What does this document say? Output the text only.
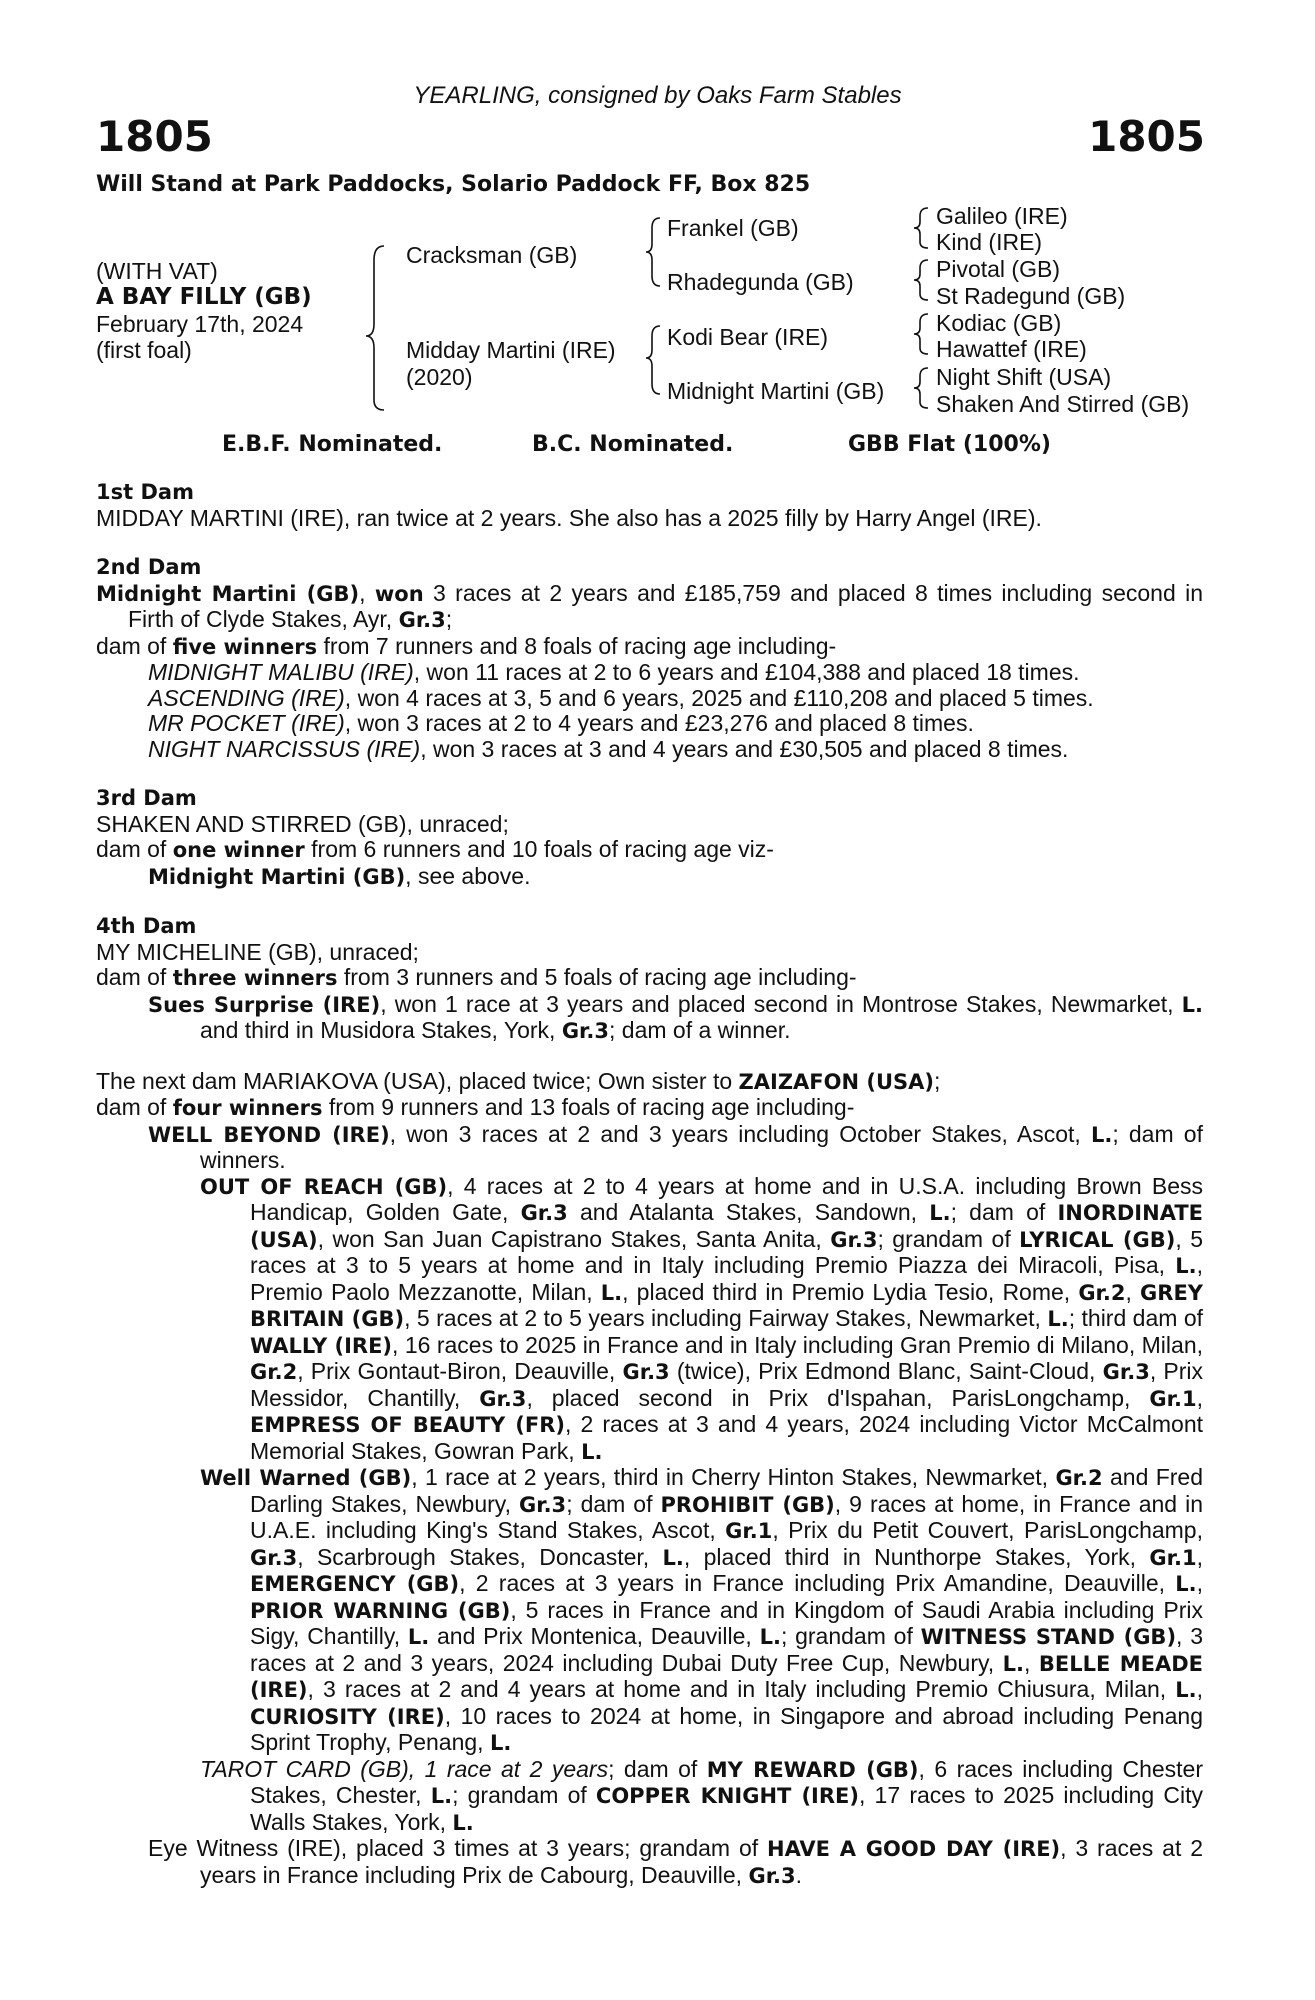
YEARLING, consigned by Oaks Farm Stables
1805	1805
Will Stand at Park Paddocks, Solario Paddock FF, Box 825
(WITH VAT)
A BAY FILLY (GB)
February 17th, 2024
(first foal)
Cracksman (GB)
Midday Martini (IRE)
(2020)
Frankel (GB)
Rhadegunda (GB)
Kodi Bear (IRE)
Midnight Martini (GB)
Galileo (IRE)
Kind (IRE)
Pivotal (GB)
St Radegund (GB)
Kodiac (GB)
Hawattef (IRE)
Night Shift (USA)
Shaken And Stirred (GB)
E.B.F. Nominated.	B.C. Nominated.	GBB Flat (100%)
1st Dam
MIDDAY MARTINI (IRE), ran twice at 2 years. She also has a 2025 filly by Harry Angel (IRE).
2nd Dam
Midnight Martini (GB), won 3 races at 2 years and £185,759 and placed 8 times including second in Firth of Clyde Stakes, Ayr, Gr.3;
dam of five winners from 7 runners and 8 foals of racing age including-
MIDNIGHT MALIBU (IRE), won 11 races at 2 to 6 years and £104,388 and placed 18 times.
ASCENDING (IRE), won 4 races at 3, 5 and 6 years, 2025 and £110,208 and placed 5 times.
MR POCKET (IRE), won 3 races at 2 to 4 years and £23,276 and placed 8 times.
NIGHT NARCISSUS (IRE), won 3 races at 3 and 4 years and £30,505 and placed 8 times.
3rd Dam
SHAKEN AND STIRRED (GB), unraced;
dam of one winner from 6 runners and 10 foals of racing age viz-
Midnight Martini (GB), see above.
4th Dam
MY MICHELINE (GB), unraced;
dam of three winners from 3 runners and 5 foals of racing age including-
Sues Surprise (IRE), won 1 race at 3 years and placed second in Montrose Stakes, Newmarket, L. and third in Musidora Stakes, York, Gr.3; dam of a winner.
The next dam MARIAKOVA (USA), placed twice; Own sister to ZAIZAFON (USA);
dam of four winners from 9 runners and 13 foals of racing age including-
WELL BEYOND (IRE), won 3 races at 2 and 3 years including October Stakes, Ascot, L.; dam of winners.
OUT OF REACH (GB), 4 races at 2 to 4 years at home and in U.S.A. including Brown Bess Handicap, Golden Gate, Gr.3 and Atalanta Stakes, Sandown, L.; dam of INORDINATE (USA), won San Juan Capistrano Stakes, Santa Anita, Gr.3; grandam of LYRICAL (GB), 5 races at 3 to 5 years at home and in Italy including Premio Piazza dei Miracoli, Pisa, L., Premio Paolo Mezzanotte, Milan, L., placed third in Premio Lydia Tesio, Rome, Gr.2, GREY BRITAIN (GB), 5 races at 2 to 5 years including Fairway Stakes, Newmarket, L.; third dam of WALLY (IRE), 16 races to 2025 in France and in Italy including Gran Premio di Milano, Milan, Gr.2, Prix Gontaut-Biron, Deauville, Gr.3 (twice), Prix Edmond Blanc, Saint-Cloud, Gr.3, Prix Messidor, Chantilly, Gr.3, placed second in Prix d'Ispahan, ParisLongchamp, Gr.1, EMPRESS OF BEAUTY (FR), 2 races at 3 and 4 years, 2024 including Victor McCalmont Memorial Stakes, Gowran Park, L.
Well Warned (GB), 1 race at 2 years, third in Cherry Hinton Stakes, Newmarket, Gr.2 and Fred Darling Stakes, Newbury, Gr.3; dam of PROHIBIT (GB), 9 races at home, in France and in U.A.E. including King's Stand Stakes, Ascot, Gr.1, Prix du Petit Couvert, ParisLongchamp, Gr.3, Scarbrough Stakes, Doncaster, L., placed third in Nunthorpe Stakes, York, Gr.1, EMERGENCY (GB), 2 races at 3 years in France including Prix Amandine, Deauville, L., PRIOR WARNING (GB), 5 races in France and in Kingdom of Saudi Arabia including Prix Sigy, Chantilly, L. and Prix Montenica, Deauville, L.; grandam of WITNESS STAND (GB), 3 races at 2 and 3 years, 2024 including Dubai Duty Free Cup, Newbury, L., BELLE MEADE (IRE), 3 races at 2 and 4 years at home and in Italy including Premio Chiusura, Milan, L., CURIOSITY (IRE), 10 races to 2024 at home, in Singapore and abroad including Penang Sprint Trophy, Penang, L.
TAROT CARD (GB), 1 race at 2 years; dam of MY REWARD (GB), 6 races including Chester Stakes, Chester, L.; grandam of COPPER KNIGHT (IRE), 17 races to 2025 including City Walls Stakes, York, L.
Eye Witness (IRE), placed 3 times at 3 years; grandam of HAVE A GOOD DAY (IRE), 3 races at 2 years in France including Prix de Cabourg, Deauville, Gr.3.
